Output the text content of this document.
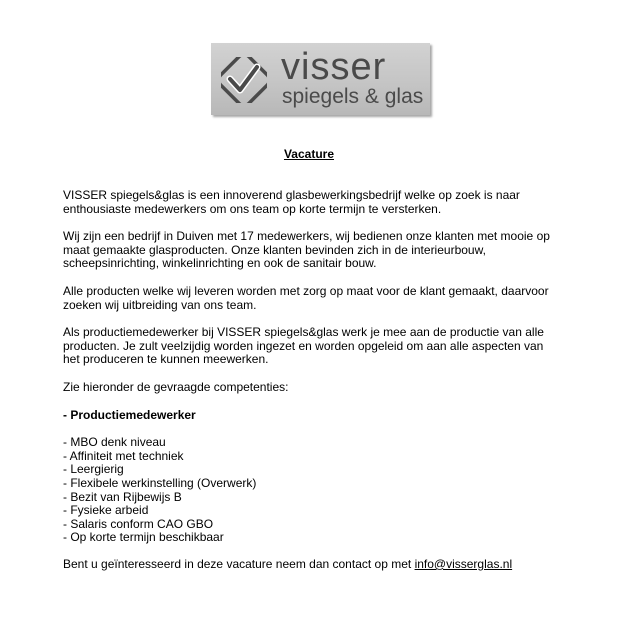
visser
spiegels & glas
Vacature

VISSER spiegels&glas is een innoverend glasbewerkingsbedrijf welke op zoek is naar enthousiaste medewerkers om ons team op korte termijn te versterken.

Wij zijn een bedrijf in Duiven met 17 medewerkers, wij bedienen onze klanten met mooie op maat gemaakte glasproducten. Onze klanten bevinden zich in de interieurbouw, scheepsinrichting, winkelinrichting en ook de sanitair bouw.

Alle producten welke wij leveren worden met zorg op maat voor de klant gemaakt, daarvoor zoeken wij uitbreiding van ons team.

Als productiemedewerker bij VISSER spiegels&glas werk je mee aan de productie van alle producten. Je zult veelzijdig worden ingezet en worden opgeleid om aan alle aspecten van het produceren te kunnen meewerken.

Zie hieronder de gevraagde competenties:

- Productiemedewerker

- MBO denk niveau
- Affiniteit met techniek
- Leergierig
- Flexibele werkinstelling (Overwerk)
- Bezit van Rijbewijs B
- Fysieke arbeid
- Salaris conform CAO GBO
- Op korte termijn beschikbaar

Bent u geïnteresseerd in deze vacature neem dan contact op met info@visserglas.nl
